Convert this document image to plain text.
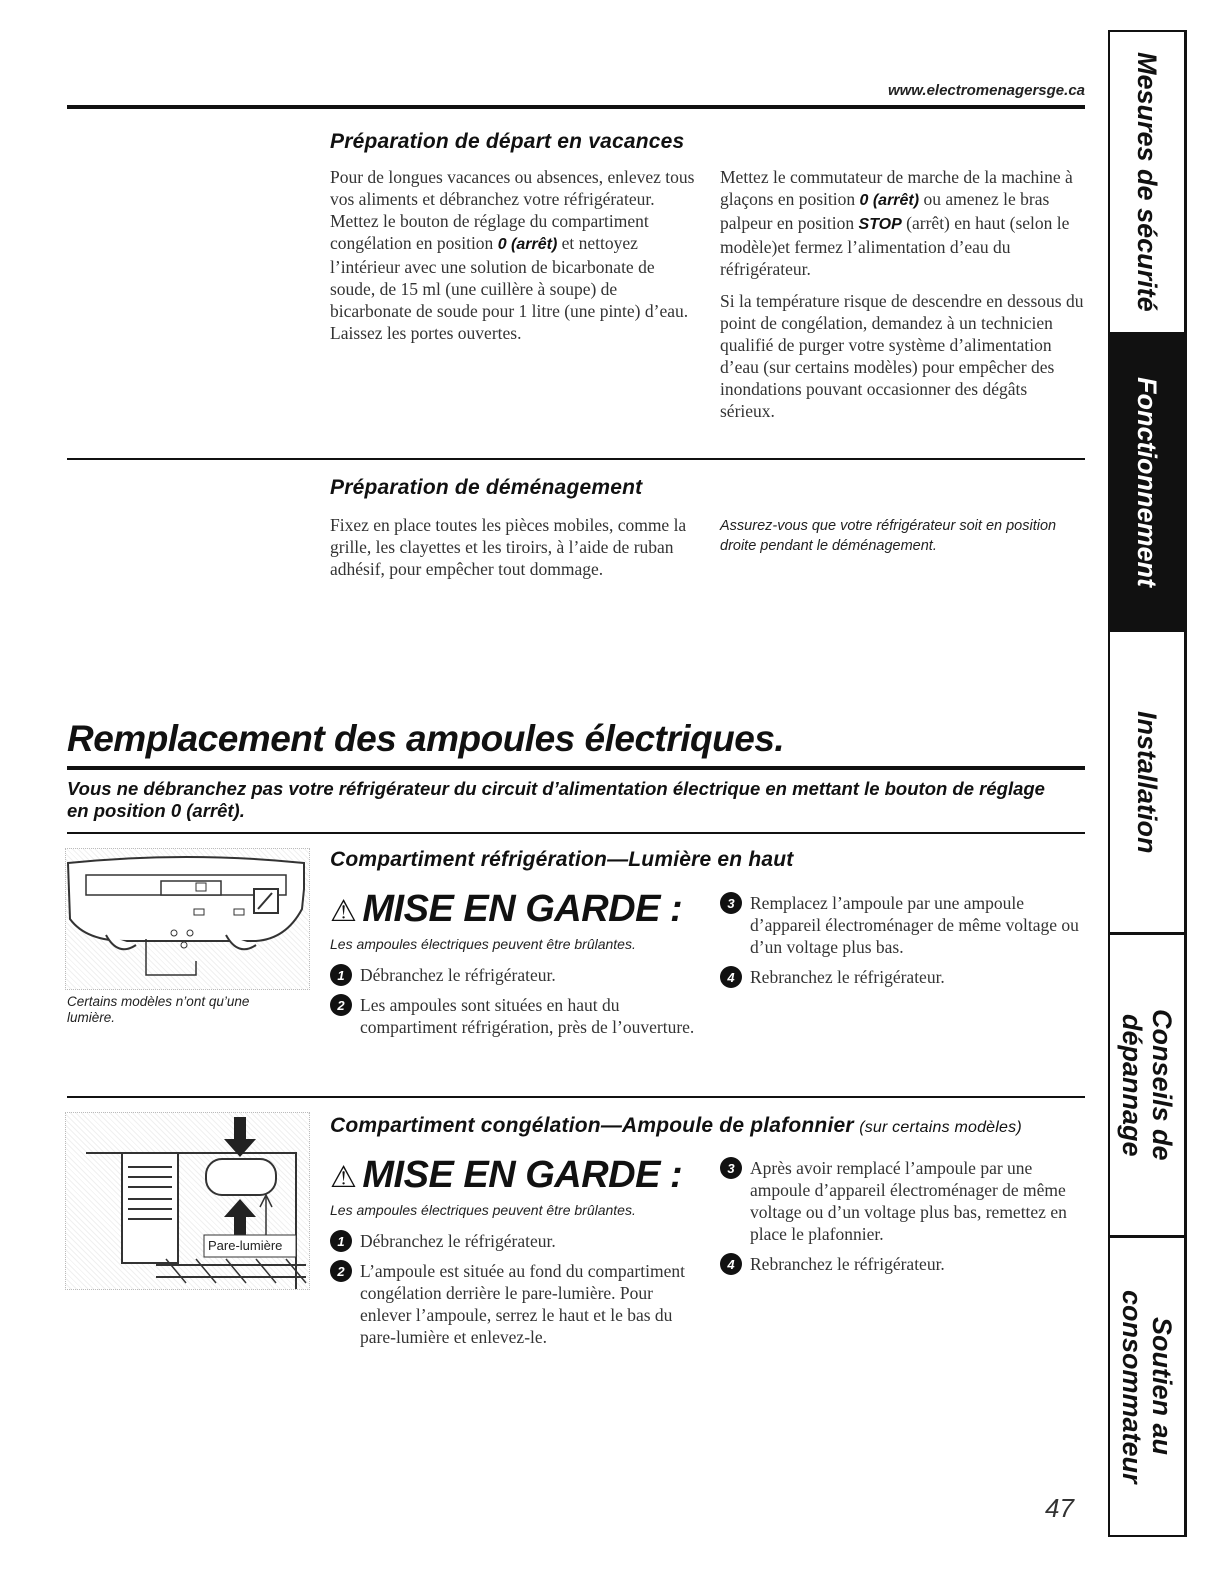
www.electromenagersge.ca
Préparation de départ en vacances

Pour de longues vacances ou absences, enlevez tous vos aliments et débranchez votre réfrigérateur. Mettez le bouton de réglage du compartiment congélation en position 0 (arrêt) et nettoyez l’intérieur avec une solution de bicarbonate de soude, de 15 ml (une cuillère à soupe) de bicarbonate de soude pour 1 litre (une pinte) d’eau. Laissez les portes ouvertes.

Mettez le commutateur de marche de la machine à glaçons en position 0 (arrêt) ou amenez le bras palpeur en position STOP (arrêt) en haut (selon le modèle)et fermez l’alimentation d’eau du réfrigérateur.

Si la température risque de descendre en dessous du point de congélation, demandez à un technicien qualifié de purger votre système d’alimentation d’eau (sur certains modèles) pour empêcher des inondations pouvant occasionner des dégâts sérieux.

Préparation de déménagement
Fixez en place toutes les pièces mobiles, comme la grille, les clayettes et les tiroirs, à l’aide de ruban adhésif, pour empêcher tout dommage.
Assurez-vous que votre réfrigérateur soit en position droite pendant le déménagement.
Remplacement des ampoules électriques.
Vous ne débranchez pas votre réfrigérateur du circuit d’alimentation électrique en mettant le bouton de réglage en position 0 (arrêt).
Certains modèles n’ont qu’une lumière.
Compartiment réfrigération—Lumière en haut
⚠ MISE EN GARDE :
Les ampoules électriques peuvent être brûlantes.
1 Débranchez le réfrigérateur.
2 Les ampoules sont situées en haut du compartiment réfrigération, près de l’ouverture.
3 Remplacez l’ampoule par une ampoule d’appareil électroménager de même voltage ou d’un voltage plus bas.
4 Rebranchez le réfrigérateur.
Pare-lumière
Compartiment congélation—Ampoule de plafonnier (sur certains modèles)
⚠ MISE EN GARDE :
Les ampoules électriques peuvent être brûlantes.
1 Débranchez le réfrigérateur.
2 L’ampoule est située au fond du compartiment congélation derrière le pare-lumière. Pour enlever l’ampoule, serrez le haut et le bas du pare-lumière et enlevez-le.
3 Après avoir remplacé l’ampoule par une ampoule d’appareil électroménager de même voltage ou d’un voltage plus bas, remettez en place le plafonnier.
4 Rebranchez le réfrigérateur.
Mesures de sécurité
Fonctionnement
Installation
Conseils de dépannage
Soutien au
consommateur
47
